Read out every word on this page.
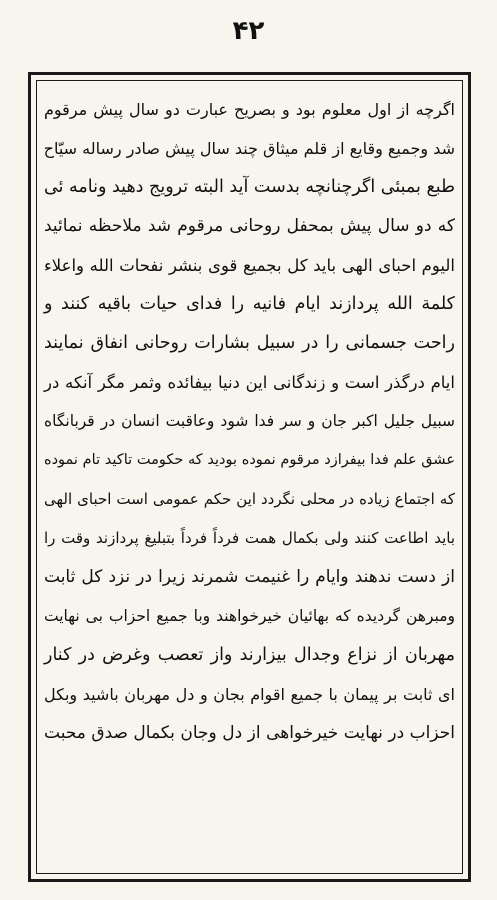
۴۲
اگرچه از اول معلوم بود و بصریح عبارت دو سال پیش مرقوم
شد وجمیع وقایع از قلم میثاق چند سال پیش صادر رساله سیّاح
طبع بمبئی اگرچنانچه بدست آید البته ترویج دهید ونامه ئی
که دو سال پیش بمحفل روحانی مرقوم شد ملاحظه نمائید
الیوم احبای الهی باید کل بجمیع قوی بنشر نفحات الله واعلاء
کلمة الله پردازند ایام فانیه را فدای حیات باقیه کنند و
راحت جسمانی را در سبیل بشارات روحانی انفاق نمایند
ایام درگذر است و زندگانی این دنیا بیفائده وثمر مگر آنکه در
سبیل جلیل اکبر جان و سر فدا شود وعاقبت انسان در قربانگاه
عشق علم فدا بیفرازد مرقوم نموده بودید که حکومت تاکید تام نموده
که اجتماع زیاده در محلی نگردد این حکم عمومی است احبای الهی
باید اطاعت کنند ولی بکمال همت فرداً فرداً بتبلیغ پردازند وقت را
از دست ندهند وایام را غنیمت شمرند زیرا در نزد کل ثابت
ومبرهن گردیده که بهائیان خیرخواهند وبا جمیع احزاب بی نهایت
مهربان از نزاع وجدال بیزارند واز تعصب وغرض در کنار
ای ثابت بر پیمان با جمیع اقوام بجان و دل مهربان باشید وبکل
احزاب در نهایت خیرخواهی از دل وجان بکمال صدق محبت
